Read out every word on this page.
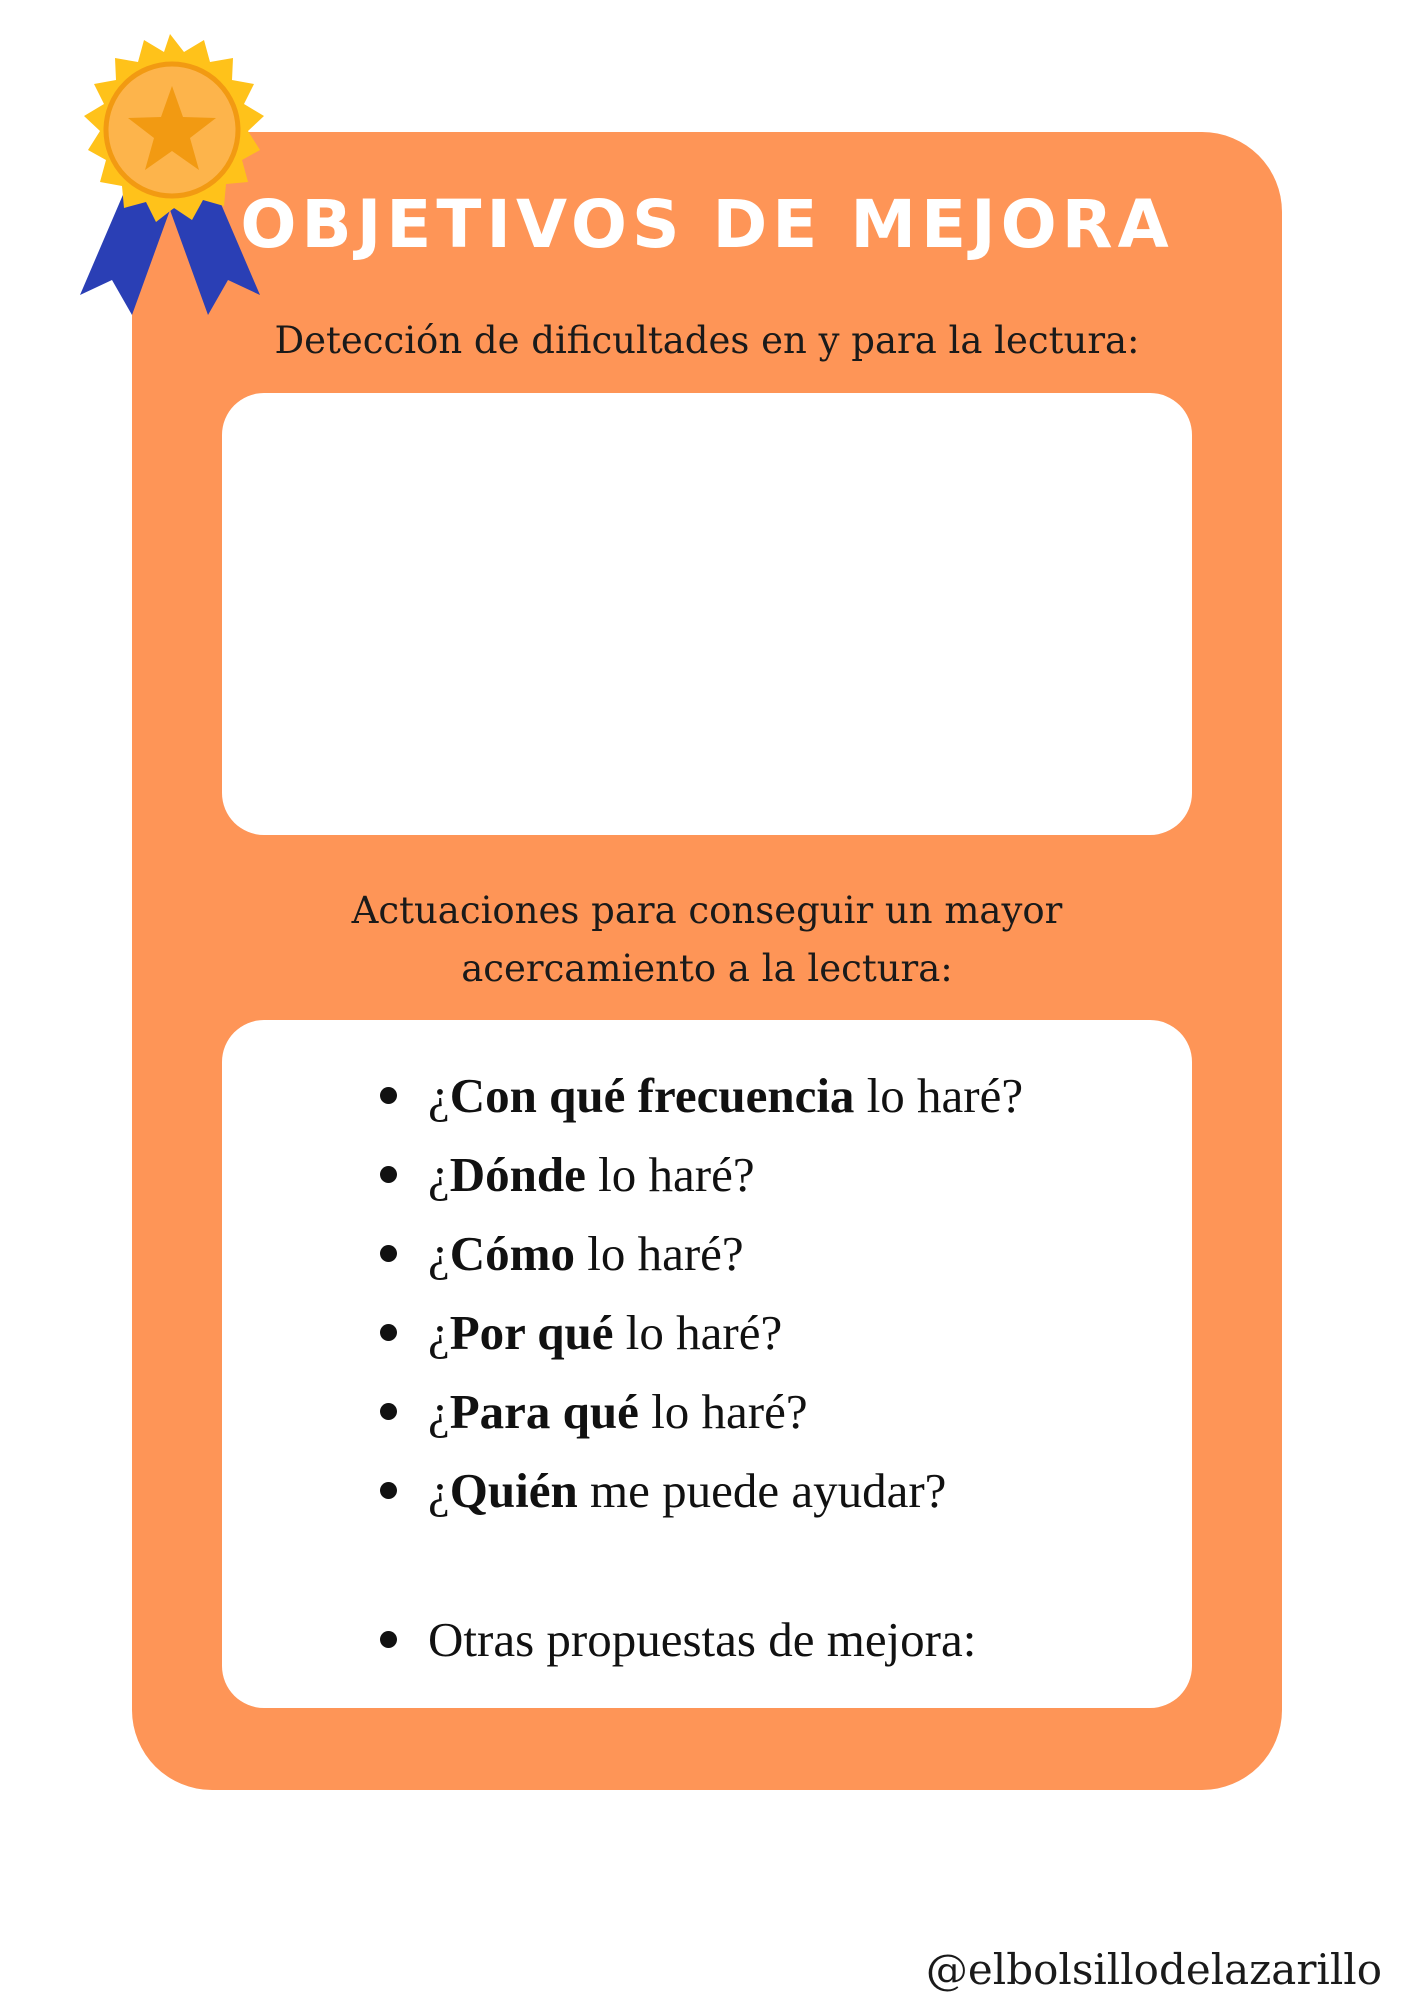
OBJETIVOS DE MEJORA

Detección de dificultades en y para la lectura:

Actuaciones para conseguir un mayor
acercamiento a la lectura:

¿Con qué frecuencia lo haré?
¿Dónde lo haré?
¿Cómo lo haré?
¿Por qué lo haré?
¿Para qué lo haré?
¿Quién me puede ayudar?
Otras propuestas de mejora:

@elbolsillodelazarillo
